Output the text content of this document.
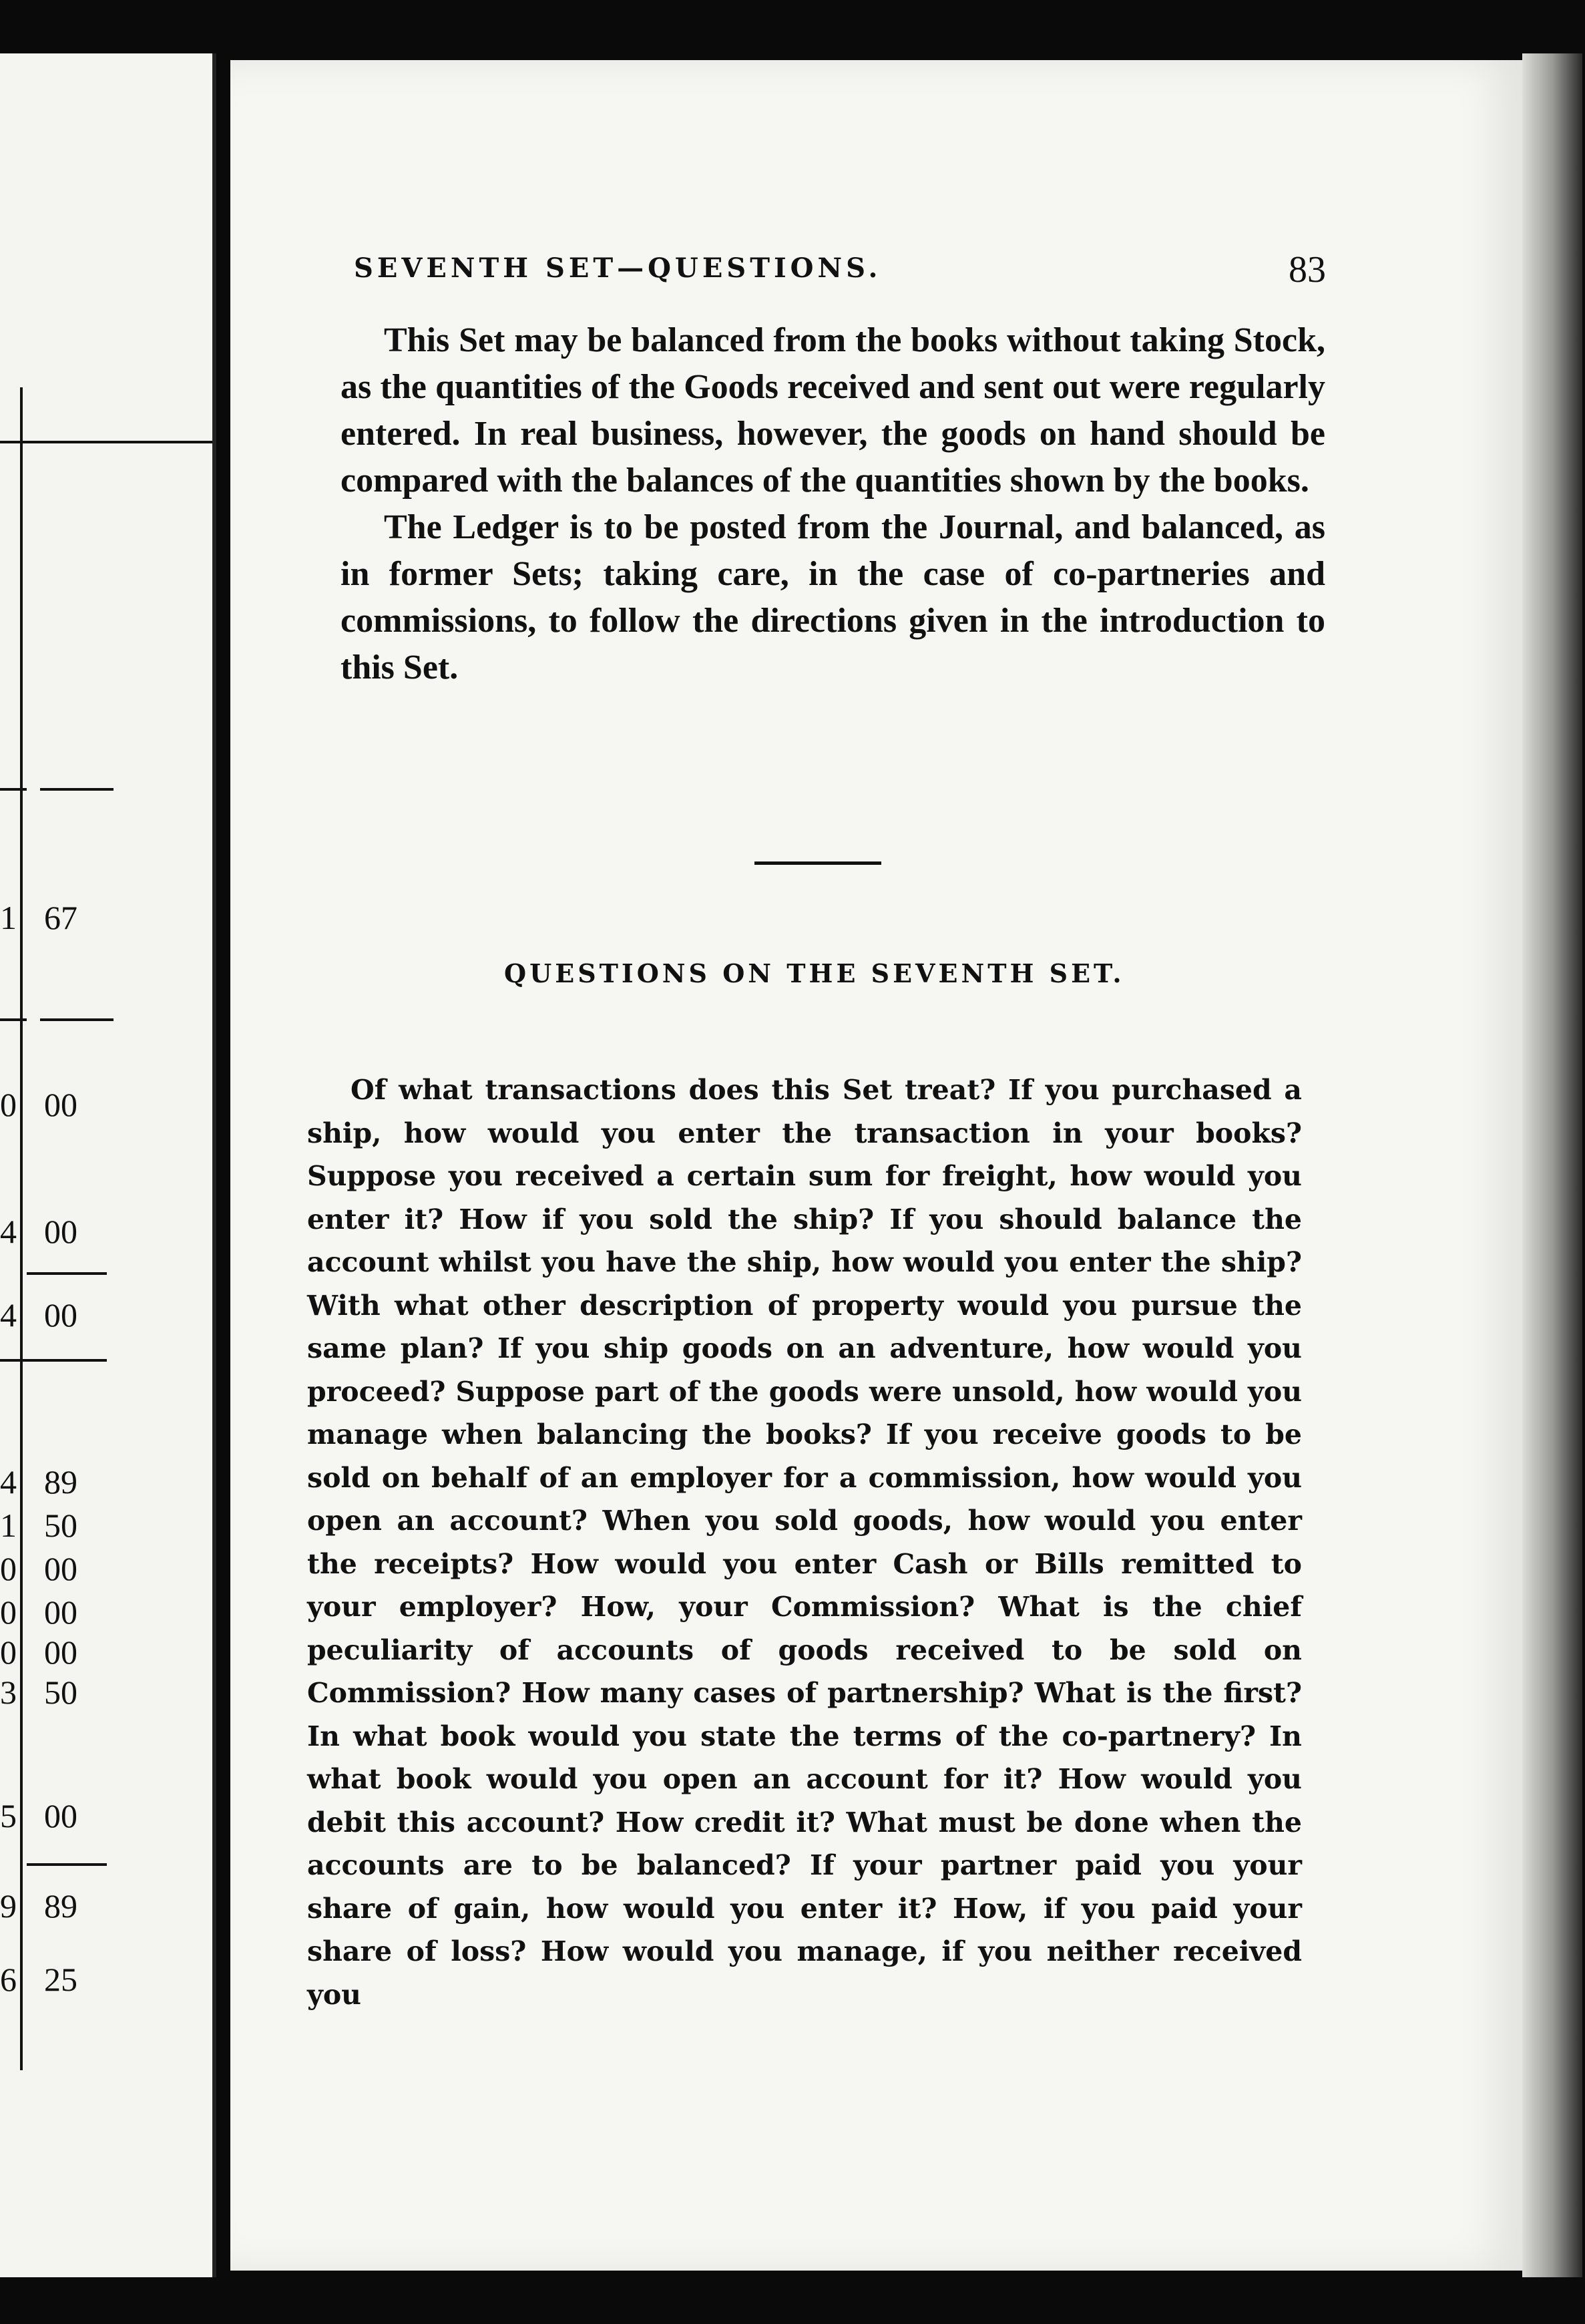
1 67
0 00
4 00
4 00
4 89
1 50
0 00
0 00
0 00
3 50
5 00
9 89
6 25
SEVENTH SET—QUESTIONS.	83

This Set may be balanced from the books without taking Stock, as the quantities of the Goods received and sent out were regularly entered. In real business, however, the goods on hand should be compared with the balances of the quantities shown by the books.

The Ledger is to be posted from the Journal, and balanced, as in former Sets; taking care, in the case of co-partneries and commissions, to follow the directions given in the introduction to this Set.

QUESTIONS ON THE SEVENTH SET.

Of what transactions does this Set treat? If you purchased a ship, how would you enter the transaction in your books? Suppose you received a certain sum for freight, how would you enter it? How if you sold the ship? If you should balance the account whilst you have the ship, how would you enter the ship? With what other description of property would you pursue the same plan? If you ship goods on an adventure, how would you proceed? Suppose part of the goods were unsold, how would you manage when balancing the books? If you receive goods to be sold on behalf of an employer for a commission, how would you open an account? When you sold goods, how would you enter the receipts? How would you enter Cash or Bills remitted to your employer? How, your Commission? What is the chief peculiarity of accounts of goods received to be sold on Commission? How many cases of partnership? What is the first? In what book would you state the terms of the co-partnery? In what book would you open an account for it? How would you debit this account? How credit it? What must be done when the accounts are to be balanced? If your partner paid you your share of gain, how would you enter it? How, if you paid your share of loss? How would you manage, if you neither received you
